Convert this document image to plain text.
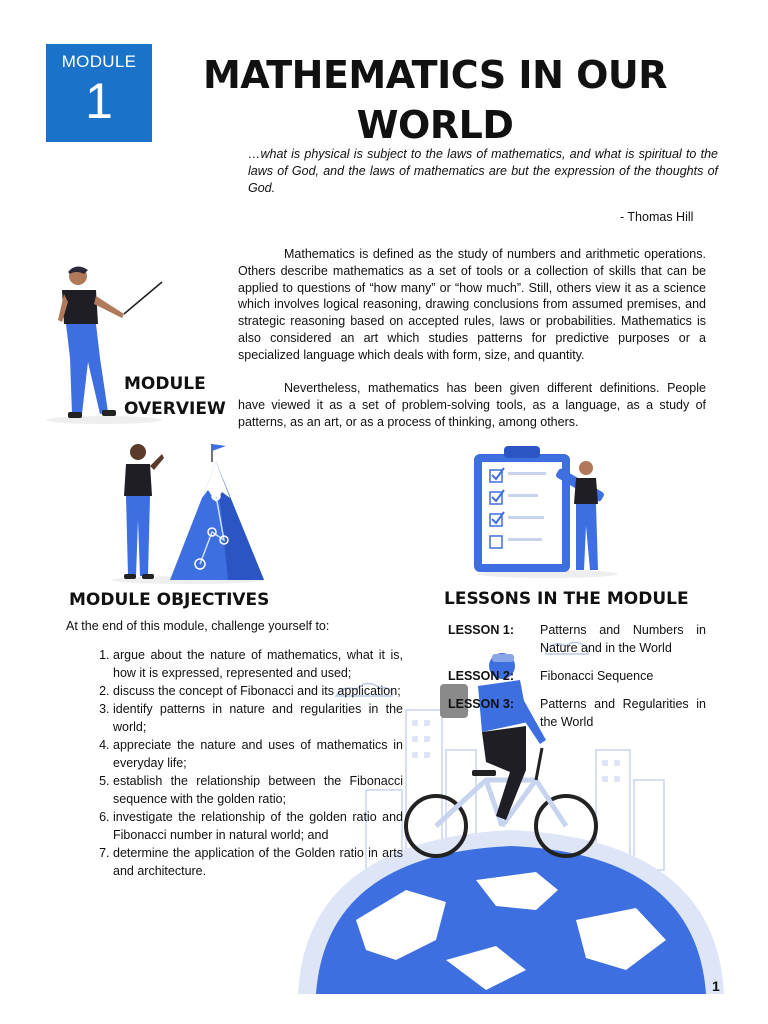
MODULE
1	MATHEMATICS IN OUR WORLD
…what is physical is subject to the laws of mathematics, and what is spiritual to the laws of God, and the laws of mathematics are but the expression of the thoughts of God.
- Thomas Hill
Mathematics is defined as the study of numbers and arithmetic operations. Others describe mathematics as a set of tools or a collection of skills that can be applied to questions of “how many” or “how much”. Still, others view it as a science which involves logical reasoning, drawing conclusions from assumed premises, and strategic reasoning based on accepted rules, laws or probabilities. Mathematics is also considered an art which studies patterns for predictive purposes or a specialized language which deals with form, size, and quantity.
Nevertheless, mathematics has been given different definitions. People have viewed it as a set of problem-solving tools, as a language, as a study of patterns, as an art, or as a process of thinking, among others.
MODULE OVERVIEW
MODULE OBJECTIVES	LESSONS IN THE MODULE
At the end of this module, challenge yourself to:
1. argue about the nature of mathematics, what it is, how it is expressed, represented and used;
2. discuss the concept of Fibonacci and its application;
3. identify patterns in nature and regularities in the world;
4. appreciate the nature and uses of mathematics in everyday life;
5. establish the relationship between the Fibonacci sequence with the golden ratio;
6. investigate the relationship of the golden ratio and Fibonacci number in natural world; and
7. determine the application of the Golden ratio in arts and architecture.
LESSON 1: Patterns and Numbers in Nature and in the World
LESSON 2: Fibonacci Sequence
LESSON 3: Patterns and Regularities in the World
1
